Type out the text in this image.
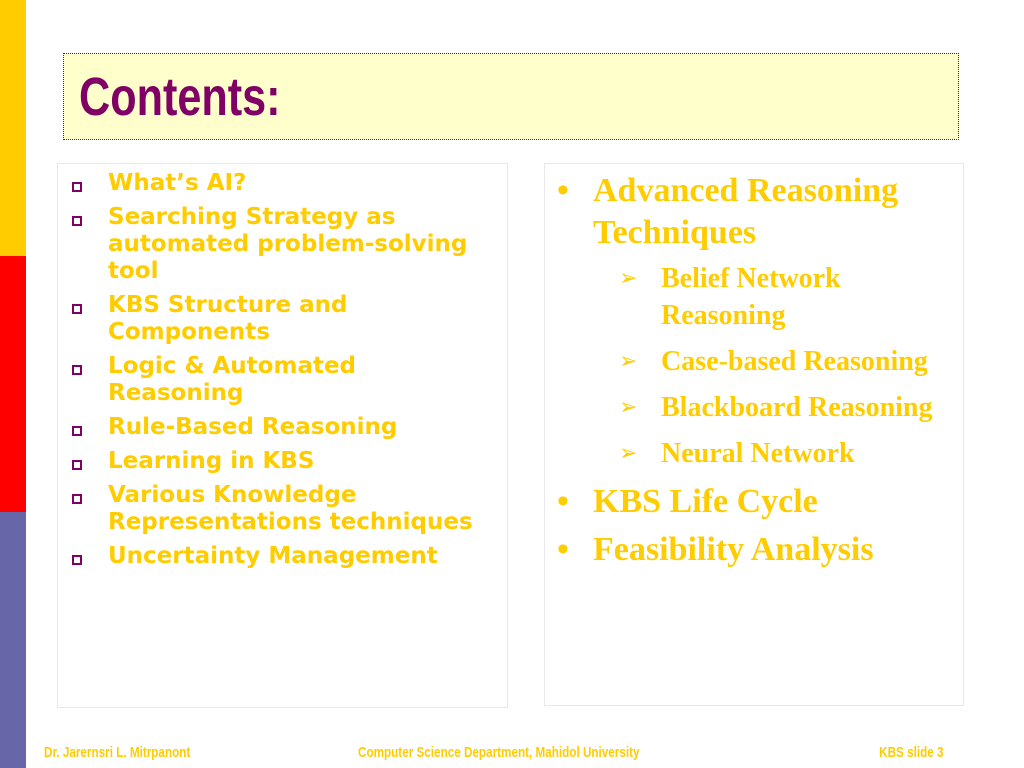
Contents:
What’s AI?
Searching Strategy as automated problem-solving tool
KBS Structure and Components
Logic & Automated Reasoning
Rule-Based Reasoning
Learning in KBS
Various Knowledge Representations techniques
Uncertainty Management
• Advanced Reasoning Techniques
➢ Belief Network Reasoning
➢ Case-based Reasoning
➢ Blackboard Reasoning
➢ Neural Network
• KBS Life Cycle
• Feasibility Analysis
Dr. Jarernsri L. Mitrpanont	Computer Science Department, Mahidol University	KBS slide 3
